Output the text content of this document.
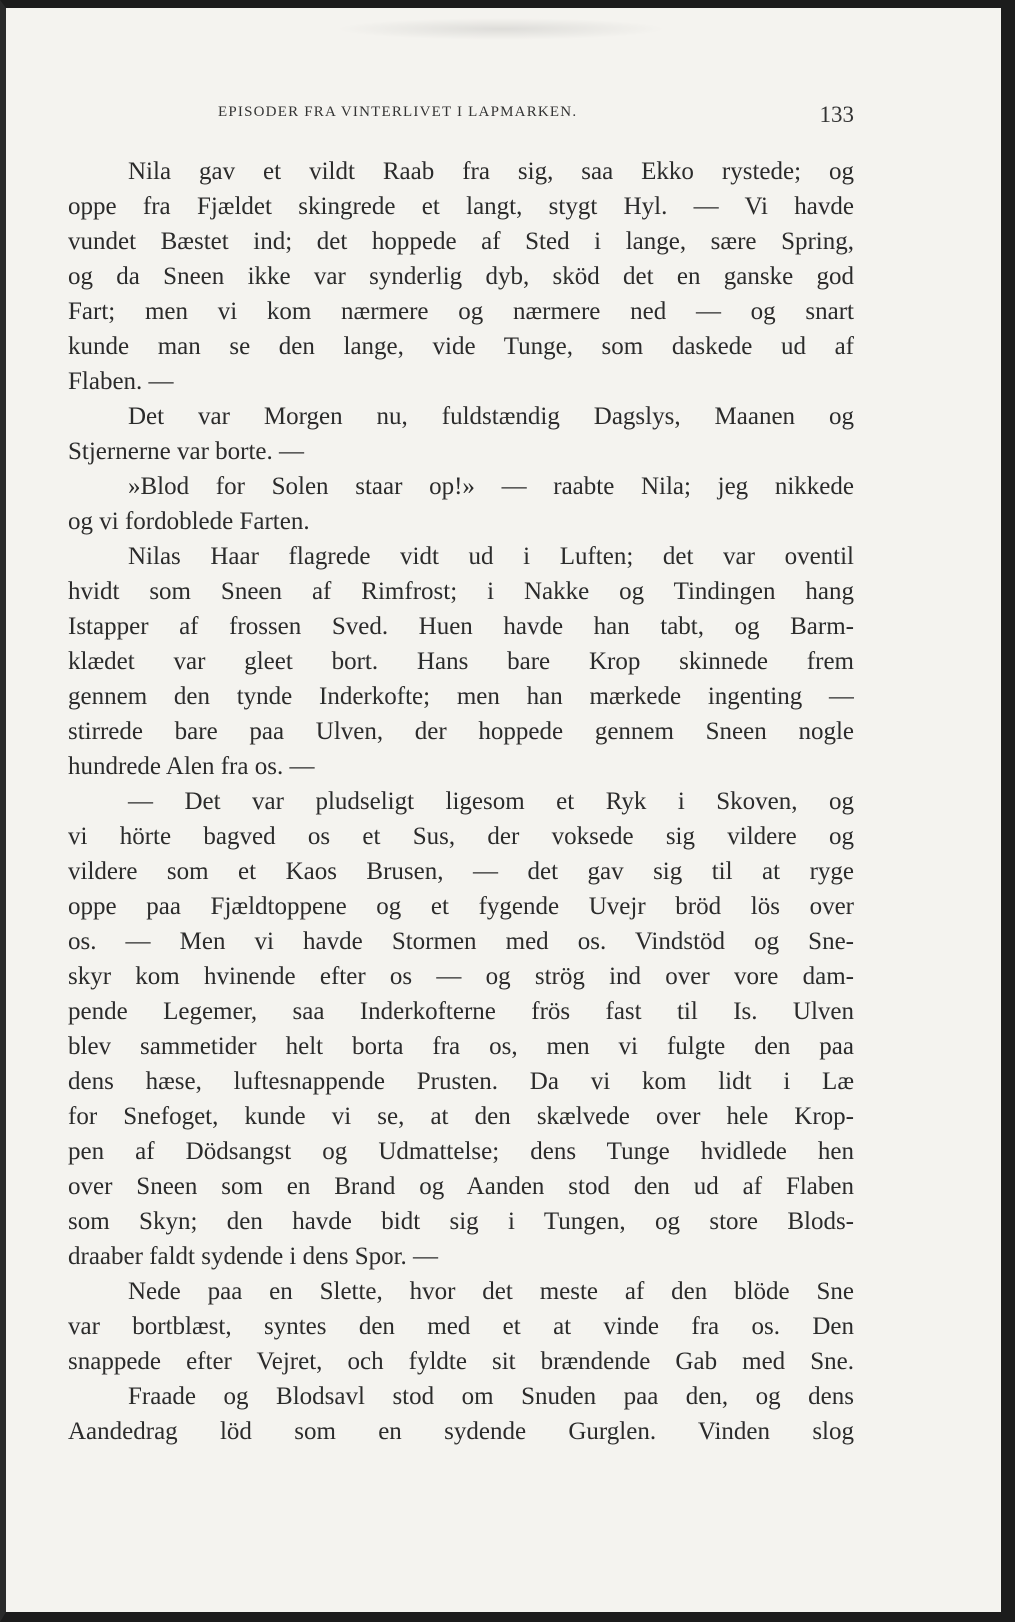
EPISODER FRA VINTERLIVET I LAPMARKEN.	133
Nila gav et vildt Raab fra sig, saa Ekko rystede; og
oppe fra Fjældet skingrede et langt, stygt Hyl. — Vi havde
vundet Bæstet ind; det hoppede af Sted i lange, sære Spring,
og da Sneen ikke var synderlig dyb, sköd det en ganske god
Fart; men vi kom nærmere og nærmere ned — og snart
kunde man se den lange, vide Tunge, som daskede ud af
Flaben. —
Det var Morgen nu, fuldstændig Dagslys, Maanen og
Stjernerne var borte. —
»Blod for Solen staar op!» — raabte Nila; jeg nikkede
og vi fordoblede Farten.
Nilas Haar flagrede vidt ud i Luften; det var oventil
hvidt som Sneen af Rimfrost; i Nakke og Tindingen hang
Istapper af frossen Sved. Huen havde han tabt, og Barm-
klædet var gleet bort. Hans bare Krop skinnede frem
gennem den tynde Inderkofte; men han mærkede ingenting —
stirrede bare paa Ulven, der hoppede gennem Sneen nogle
hundrede Alen fra os. —
— Det var pludseligt ligesom et Ryk i Skoven, og
vi hörte bagved os et Sus, der voksede sig vildere og
vildere som et Kaos Brusen, — det gav sig til at ryge
oppe paa Fjældtoppene og et fygende Uvejr bröd lös over
os. — Men vi havde Stormen med os. Vindstöd og Sne-
skyr kom hvinende efter os — og strög ind over vore dam-
pende Legemer, saa Inderkofterne frös fast til Is. Ulven
blev sammetider helt borta fra os, men vi fulgte den paa
dens hæse, luftesnappende Prusten. Da vi kom lidt i Læ
for Snefoget, kunde vi se, at den skælvede over hele Krop-
pen af Dödsangst og Udmattelse; dens Tunge hvidlede hen
over Sneen som en Brand og Aanden stod den ud af Flaben
som Skyn; den havde bidt sig i Tungen, og store Blods-
draaber faldt sydende i dens Spor. —
Nede paa en Slette, hvor det meste af den blöde Sne
var bortblæst, syntes den med et at vinde fra os. Den
snappede efter Vejret, och fyldte sit brændende Gab med Sne.
Fraade og Blodsavl stod om Snuden paa den, og dens
Aandedrag löd som en sydende Gurglen. Vinden slog
